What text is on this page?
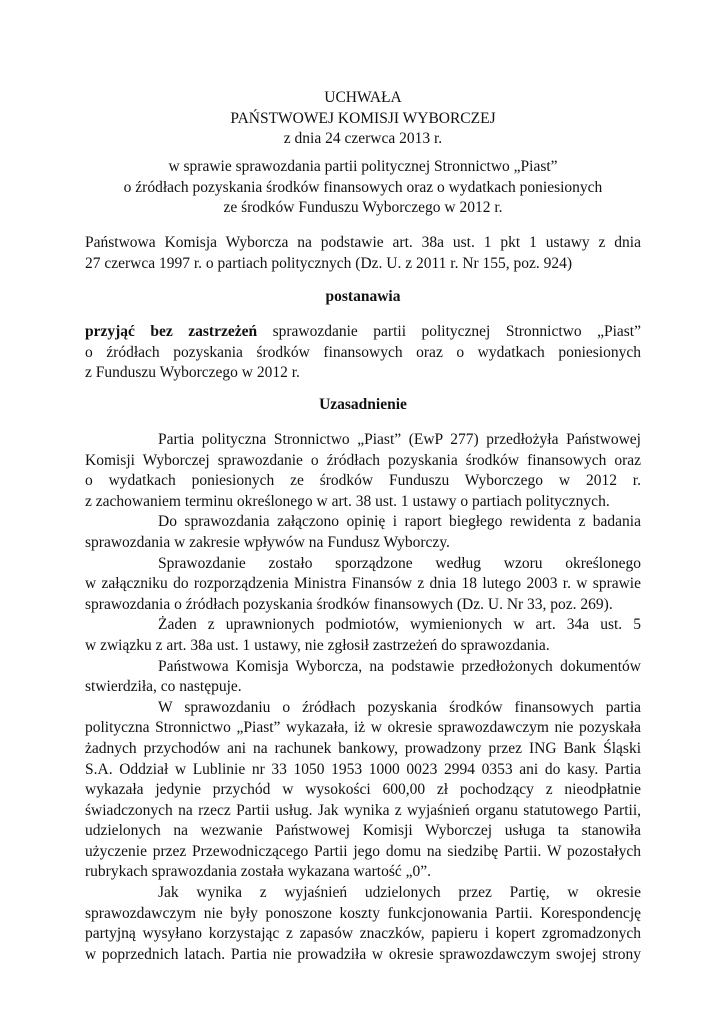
UCHWAŁA
PAŃSTWOWEJ KOMISJI WYBORCZEJ
z dnia 24 czerwca 2013 r.
w sprawie sprawozdania partii politycznej Stronnictwo „Piast”
o źródłach pozyskania środków finansowych oraz o wydatkach poniesionych
ze środków Funduszu Wyborczego w 2012 r.
Państwowa Komisja Wyborcza na podstawie art. 38a ust. 1 pkt 1 ustawy z dnia
27 czerwca 1997 r. o partiach politycznych (Dz. U. z 2011 r. Nr 155, poz. 924)
postanawia
przyjąć bez zastrzeżeń sprawozdanie partii politycznej Stronnictwo „Piast”
o źródłach pozyskania środków finansowych oraz o wydatkach poniesionych
z Funduszu Wyborczego w 2012 r.
Uzasadnienie
Partia polityczna Stronnictwo „Piast” (EwP 277) przedłożyła Państwowej
Komisji Wyborczej sprawozdanie o źródłach pozyskania środków finansowych oraz
o wydatkach poniesionych ze środków Funduszu Wyborczego w 2012 r.
z zachowaniem terminu określonego w art. 38 ust. 1 ustawy o partiach politycznych.
Do sprawozdania załączono opinię i raport biegłego rewidenta z badania
sprawozdania w zakresie wpływów na Fundusz Wyborczy.
Sprawozdanie zostało sporządzone według wzoru określonego
w załączniku do rozporządzenia Ministra Finansów z dnia 18 lutego 2003 r. w sprawie
sprawozdania o źródłach pozyskania środków finansowych (Dz. U. Nr 33, poz. 269).
Żaden z uprawnionych podmiotów, wymienionych w art. 34a ust. 5
w związku z art. 38a ust. 1 ustawy, nie zgłosił zastrzeżeń do sprawozdania.
Państwowa Komisja Wyborcza, na podstawie przedłożonych dokumentów
stwierdziła, co następuje.
W sprawozdaniu o źródłach pozyskania środków finansowych partia
polityczna Stronnictwo „Piast” wykazała, iż w okresie sprawozdawczym nie pozyskała
żadnych przychodów ani na rachunek bankowy, prowadzony przez ING Bank Śląski
S.A. Oddział w Lublinie nr 33 1050 1953 1000 0023 2994 0353 ani do kasy. Partia
wykazała jedynie przychód w wysokości 600,00 zł pochodzący z nieodpłatnie
świadczonych na rzecz Partii usług. Jak wynika z wyjaśnień organu statutowego Partii,
udzielonych na wezwanie Państwowej Komisji Wyborczej usługa ta stanowiła
użyczenie przez Przewodniczącego Partii jego domu na siedzibę Partii. W pozostałych
rubrykach sprawozdania została wykazana wartość „0”.
Jak wynika z wyjaśnień udzielonych przez Partię, w okresie
sprawozdawczym nie były ponoszone koszty funkcjonowania Partii. Korespondencję
partyjną wysyłano korzystając z zapasów znaczków, papieru i kopert zgromadzonych
w poprzednich latach. Partia nie prowadziła w okresie sprawozdawczym swojej strony
